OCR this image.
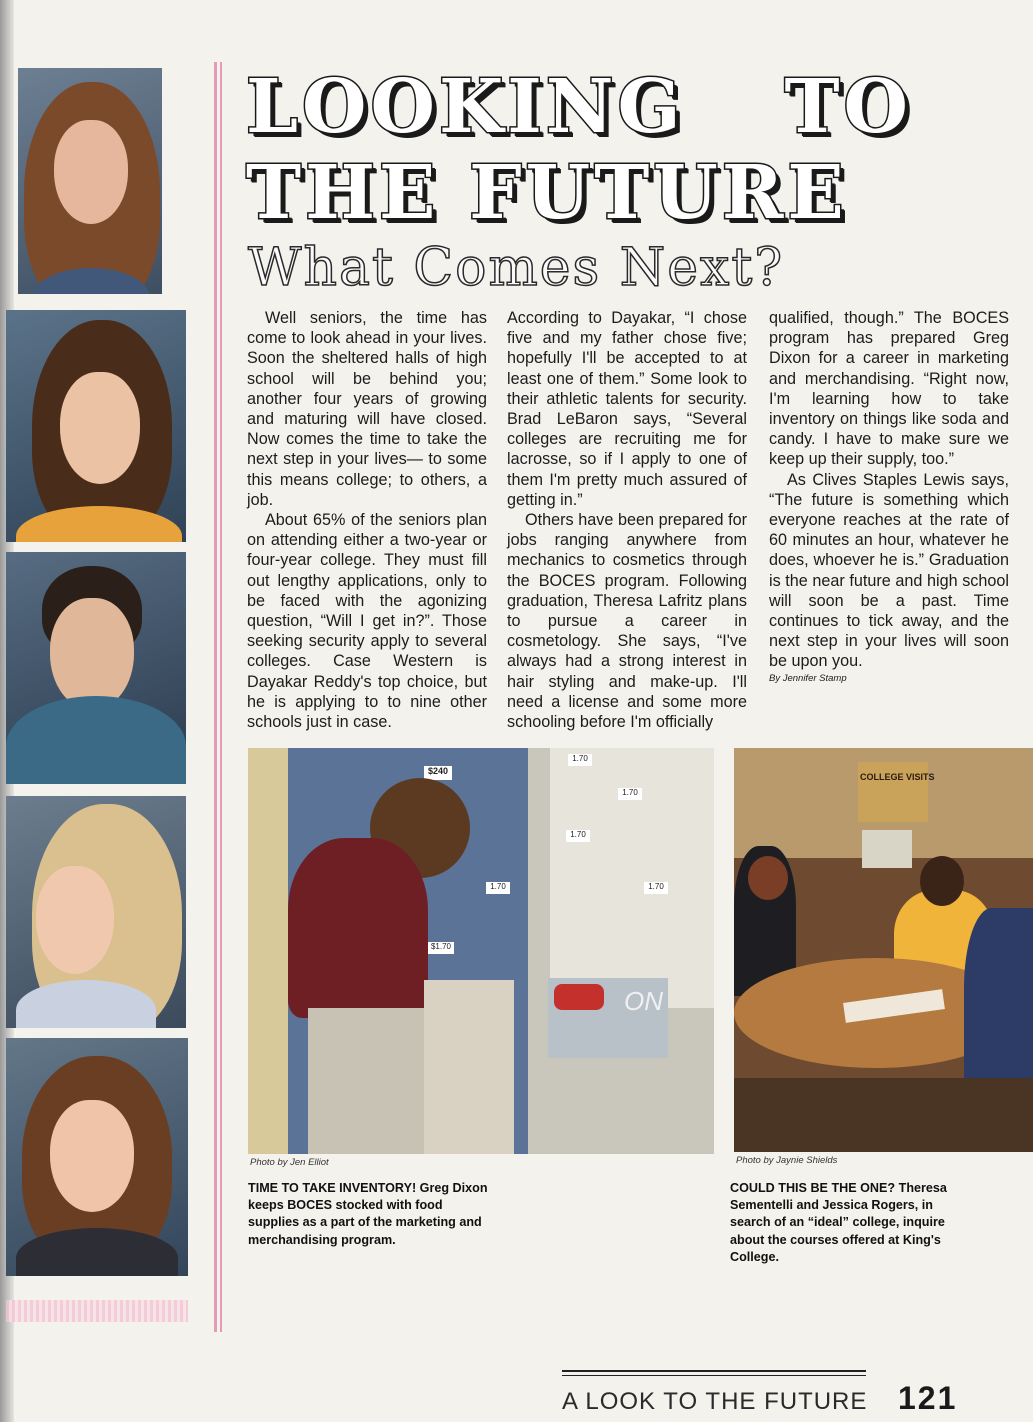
LOOKING TO
THE FUTURE
What Comes Next?

Well seniors, the time has come to look ahead in your lives. Soon the sheltered halls of high school will be behind you; another four years of growing and maturing will have closed. Now comes the time to take the next step in your lives— to some this means college; to others, a job.

About 65% of the seniors plan on attending either a two-year or four-year college. They must fill out lengthy applications, only to be faced with the agonizing question, “Will I get in?”. Those seeking security apply to several colleges. Case Western is Dayakar Reddy's top choice, but he is applying to to nine other schools just in case.

According to Dayakar, “I chose five and my father chose five; hopefully I'll be accepted to at least one of them.” Some look to their athletic talents for security. Brad LeBaron says, “Several colleges are recruiting me for lacrosse, so if I apply to one of them I'm pretty much assured of getting in.”

Others have been prepared for jobs ranging anywhere from mechanics to cosmetics through the BOCES program. Following graduation, Theresa Lafritz plans to pursue a career in cosmetology. She says, “I've always had a strong interest in hair styling and make-up. I'll need a license and some more schooling before I'm officially

qualified, though.” The BOCES program has prepared Greg Dixon for a career in marketing and merchandising. “Right now, I'm learning how to take inventory on things like soda and candy. I have to make sure we keep up their supply, too.”

As Clives Staples Lewis says, “The future is something which everyone reaches at the rate of 60 minutes an hour, whatever he does, whoever he is.” Graduation is the near future and high school will soon be a past. Time continues to tick away, and the next step in your lives will soon be upon you.

By Jennifer Stamp

$240
1.70
1.70
1.70
1.70
$1.70
1.70
ON
Photo by Jen Elliot
TIME TO TAKE INVENTORY! Greg Dixon keeps BOCES stocked with food supplies as a part of the marketing and merchandising program.
COLLEGE VISITS
Photo by Jaynie Shields
COULD THIS BE THE ONE? Theresa Sementelli and Jessica Rogers, in search of an “ideal” college, inquire about the courses offered at King's College.
A LOOK TO THE FUTURE 121
